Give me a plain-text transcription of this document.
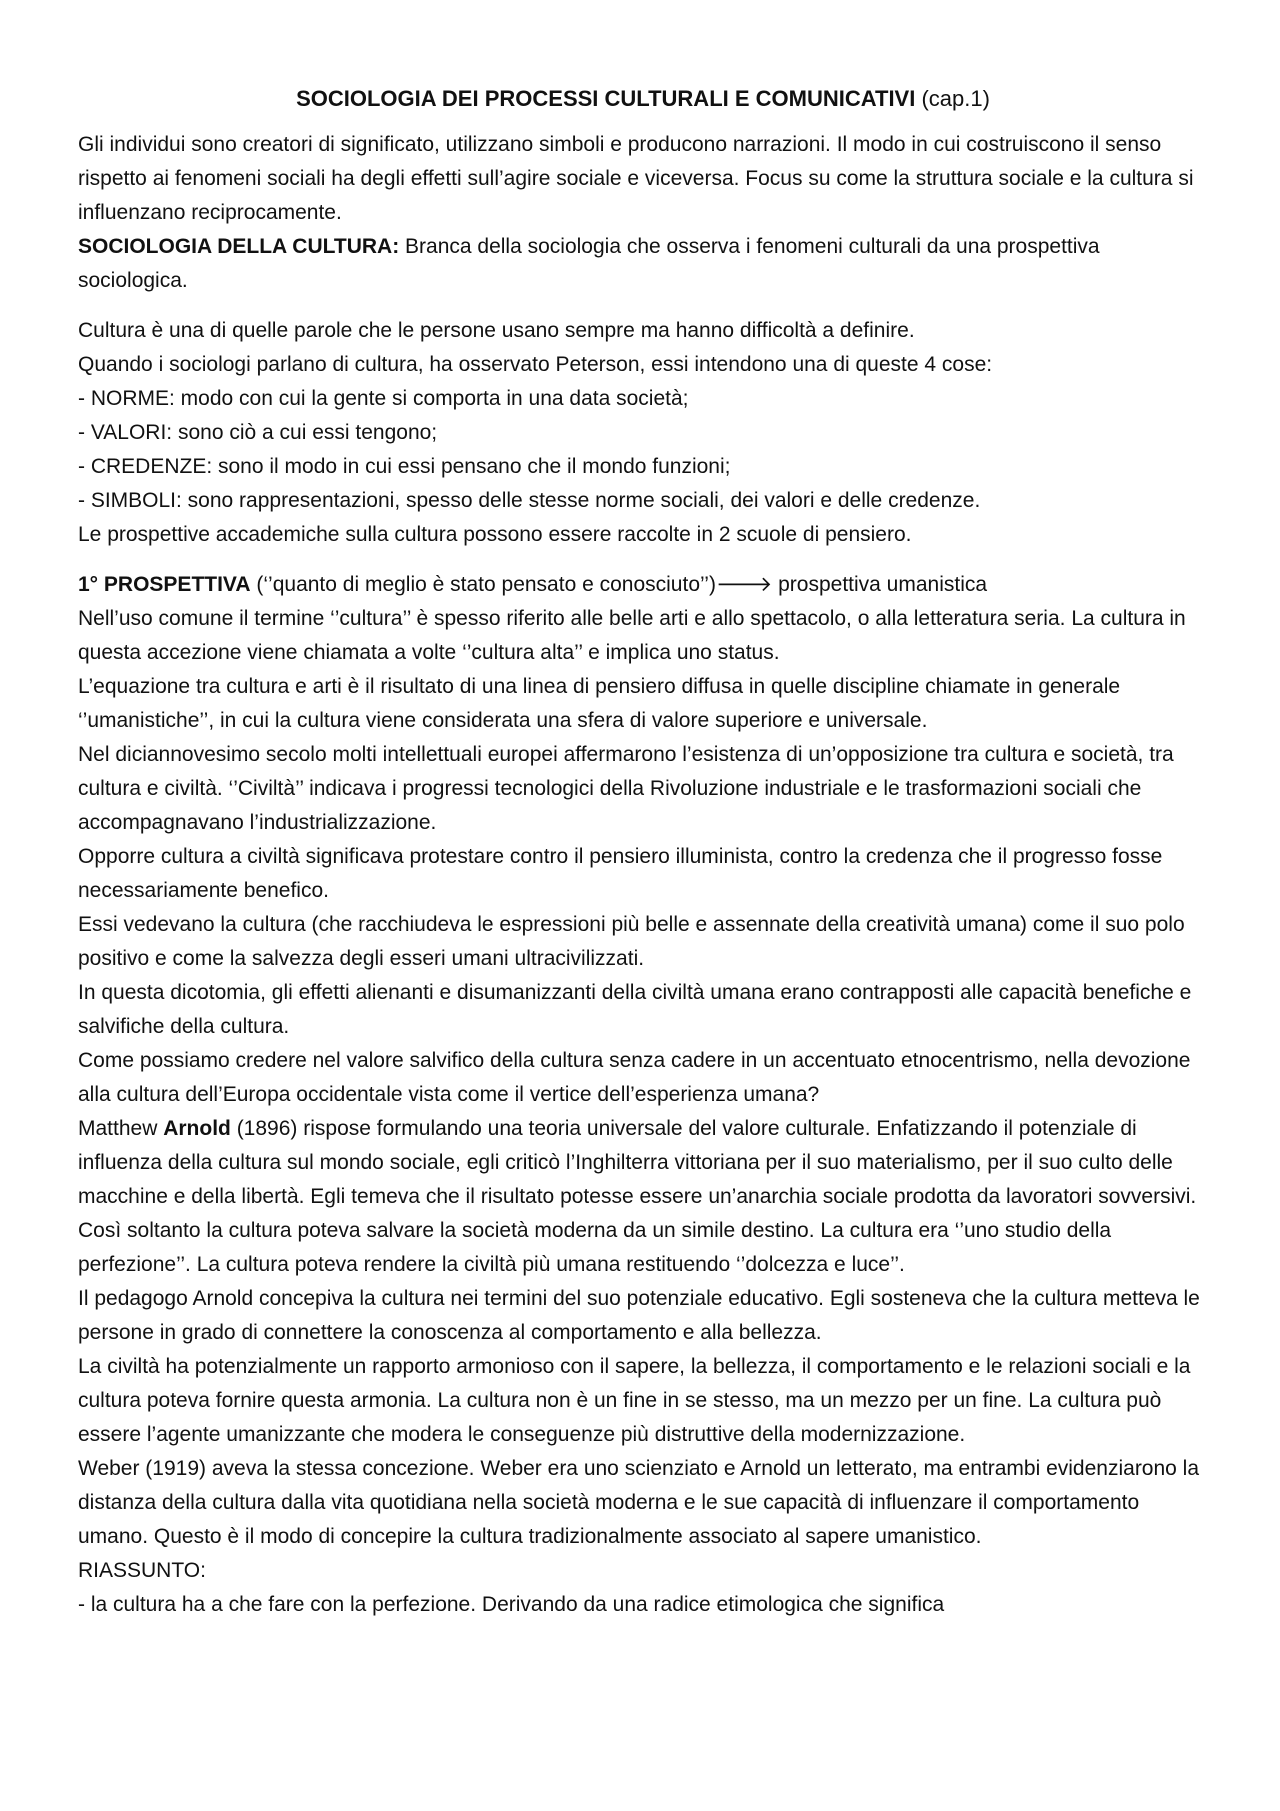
SOCIOLOGIA DEI PROCESSI CULTURALI E COMUNICATIVI (cap.1)

Gli individui sono creatori di significato, utilizzano simboli e producono narrazioni. Il modo in cui costruiscono il senso rispetto ai fenomeni sociali ha degli effetti sull’agire sociale e viceversa. Focus su come la struttura sociale e la cultura si influenzano reciprocamente.

SOCIOLOGIA DELLA CULTURA: Branca della sociologia che osserva i fenomeni culturali da una prospettiva sociologica.

Cultura è una di quelle parole che le persone usano sempre ma hanno difficoltà a definire.

Quando i sociologi parlano di cultura, ha osservato Peterson, essi intendono una di queste 4 cose:

- NORME: modo con cui la gente si comporta in una data società;

- VALORI: sono ciò a cui essi tengono;

- CREDENZE: sono il modo in cui essi pensano che il mondo funzioni;

- SIMBOLI: sono rappresentazioni, spesso delle stesse norme sociali, dei valori e delle credenze.

Le prospettive accademiche sulla cultura possono essere raccolte in 2 scuole di pensiero.

1° PROSPETTIVA (‘’quanto di meglio è stato pensato e conosciuto’’)🡒 prospettiva umanistica

Nell’uso comune il termine ‘’cultura’’ è spesso riferito alle belle arti e allo spettacolo, o alla letteratura seria. La cultura in questa accezione viene chiamata a volte ‘’cultura alta’’ e implica uno status.

L’equazione tra cultura e arti è il risultato di una linea di pensiero diffusa in quelle discipline chiamate in generale ‘’umanistiche’’, in cui la cultura viene considerata una sfera di valore superiore e universale.

Nel diciannovesimo secolo molti intellettuali europei affermarono l’esistenza di un’opposizione tra cultura e società, tra cultura e civiltà. ‘’Civiltà’’ indicava i progressi tecnologici della Rivoluzione industriale e le trasformazioni sociali che accompagnavano l’industrializzazione.

Opporre cultura a civiltà significava protestare contro il pensiero illuminista, contro la credenza che il progresso fosse necessariamente benefico.

Essi vedevano la cultura (che racchiudeva le espressioni più belle e assennate della creatività umana) come il suo polo positivo e come la salvezza degli esseri umani ultracivilizzati.

In questa dicotomia, gli effetti alienanti e disumanizzanti della civiltà umana erano contrapposti alle capacità benefiche e salvifiche della cultura.

Come possiamo credere nel valore salvifico della cultura senza cadere in un accentuato etnocentrismo, nella devozione alla cultura dell’Europa occidentale vista come il vertice dell’esperienza umana?

Matthew Arnold (1896) rispose formulando una teoria universale del valore culturale. Enfatizzando il potenziale di influenza della cultura sul mondo sociale, egli criticò l’Inghilterra vittoriana per il suo materialismo, per il suo culto delle macchine e della libertà. Egli temeva che il risultato potesse essere un’anarchia sociale prodotta da lavoratori sovversivi. Così soltanto la cultura poteva salvare la società moderna da un simile destino. La cultura era ‘’uno studio della perfezione’’. La cultura poteva rendere la civiltà più umana restituendo ‘’dolcezza e luce’’.

Il pedagogo Arnold concepiva la cultura nei termini del suo potenziale educativo. Egli sosteneva che la cultura metteva le persone in grado di connettere la conoscenza al comportamento e alla bellezza.

La civiltà ha potenzialmente un rapporto armonioso con il sapere, la bellezza, il comportamento e le relazioni sociali e la cultura poteva fornire questa armonia. La cultura non è un fine in se stesso, ma un mezzo per un fine. La cultura può essere l’agente umanizzante che modera le conseguenze più distruttive della modernizzazione.

Weber (1919) aveva la stessa concezione. Weber era uno scienziato e Arnold un letterato, ma entrambi evidenziarono la distanza della cultura dalla vita quotidiana nella società moderna e le sue capacità di influenzare il comportamento umano. Questo è il modo di concepire la cultura tradizionalmente associato al sapere umanistico.

RIASSUNTO:

- la cultura ha a che fare con la perfezione. Derivando da una radice etimologica che significa
